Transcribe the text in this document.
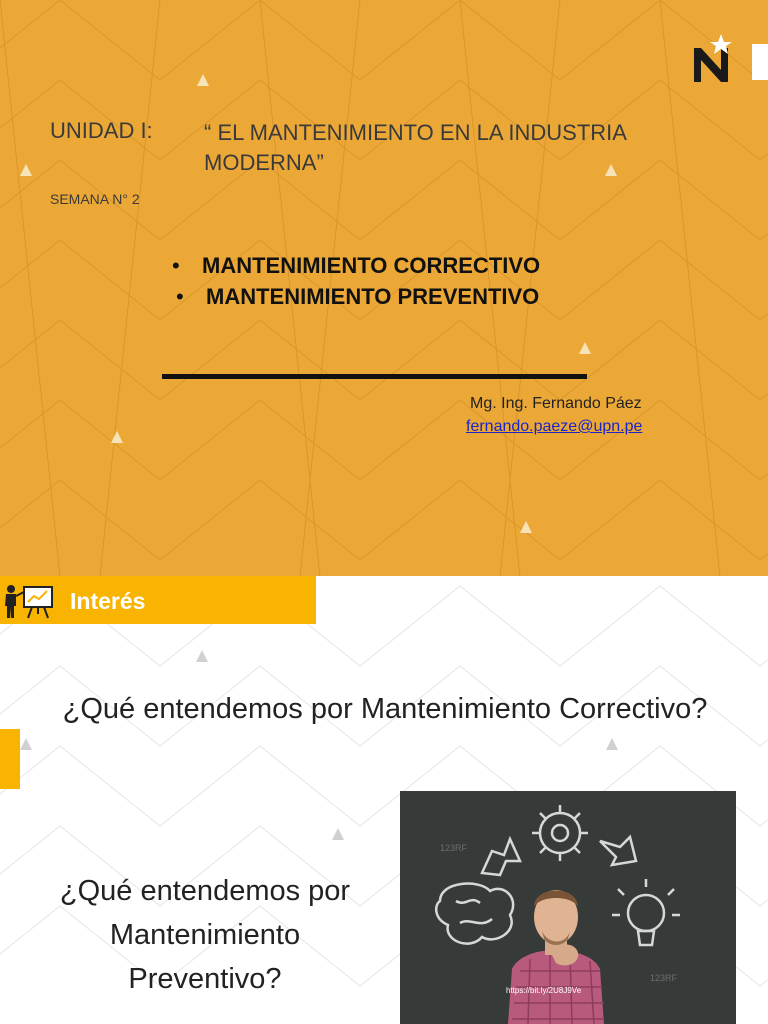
UNIDAD I: “ EL MANTENIMIENTO EN LA INDUSTRIA MODERNA”
SEMANA N° 2
• MANTENIMIENTO CORRECTIVO
• MANTENIMIENTO PREVENTIVO
Mg. Ing. Fernando Páez
fernando.paeze@upn.pe
Interés
¿Qué entendemos por Mantenimiento Correctivo?
¿Qué entendemos por Mantenimiento Preventivo?	https://bit.ly/2U8J9Ve
123RF
123RF
